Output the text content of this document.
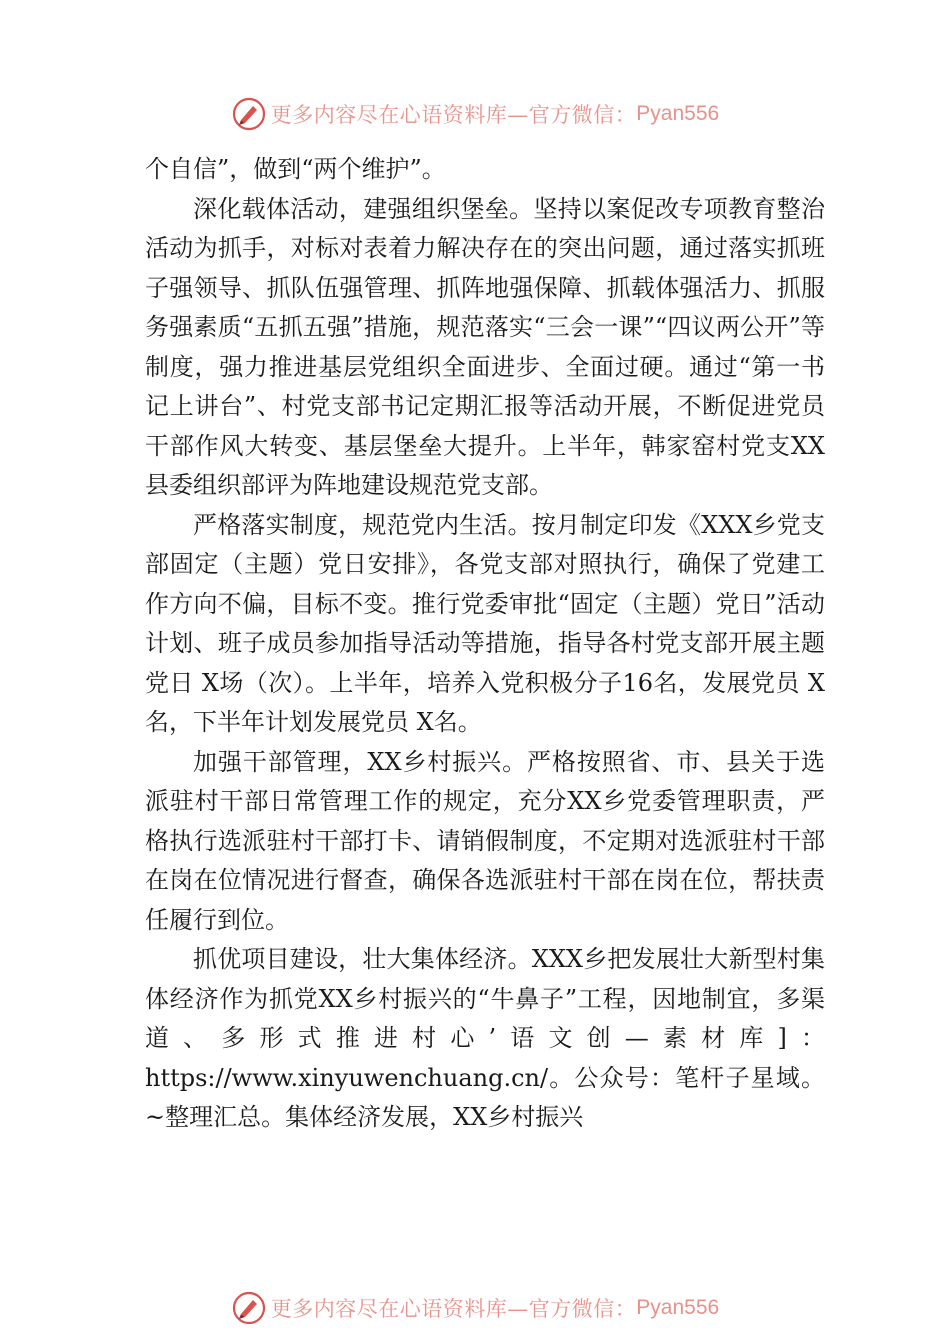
更多内容尽在心语资料库—官方微信： Pyan556

个自信”，做到“两个维护”。

深化载体活动，建强组织堡垒。坚持以案促改专项教育整治活动为抓手，对标对表着力解决存在的突出问题，通过落实抓班子强领导、抓队伍强管理、抓阵地强保障、抓载体强活力、抓服务强素质“五抓五强”措施，规范落实“三会一课”“四议两公开”等制度，强力推进基层党组织全面进步、全面过硬。通过“第一书记上讲台”、村党支部书记定期汇报等活动开展，不断促进党员干部作风大转变、基层堡垒大提升。上半年，韩家窑村党支XX县委组织部评为阵地建设规范党支部。

严格落实制度，规范党内生活。按月制定印发《XXX乡党支部固定（主题）党日安排》，各党支部对照执行，确保了党建工作方向不偏，目标不变。推行党委审批“固定（主题）党日”活动计划、班子成员参加指导活动等措施，指导各村党支部开展主题党日 X场（次）。上半年，培养入党积极分子16名，发展党员 X名，下半年计划发展党员 X名。

加强干部管理，XX乡村振兴。严格按照省、市、县关于选派驻村干部日常管理工作的规定，充分XX乡党委管理职责，严格执行选派驻村干部打卡、请销假制度，不定期对选派驻村干部在岗在位情况进行督查，确保各选派驻村干部在岗在位，帮扶责任履行到位。

抓优项目建设，壮大集体经济。XXX乡把发展壮大新型村集体经济作为抓党XX乡村振兴的“牛鼻子”工程，因地制宜，多渠道、多形式推进村心’语文创—素材库]：https://www.xinyuwenchuang.cn/。公众号：笔杆子星域。~整理汇总。集体经济发展，XX乡村振兴

更多内容尽在心语资料库—官方微信： Pyan556
